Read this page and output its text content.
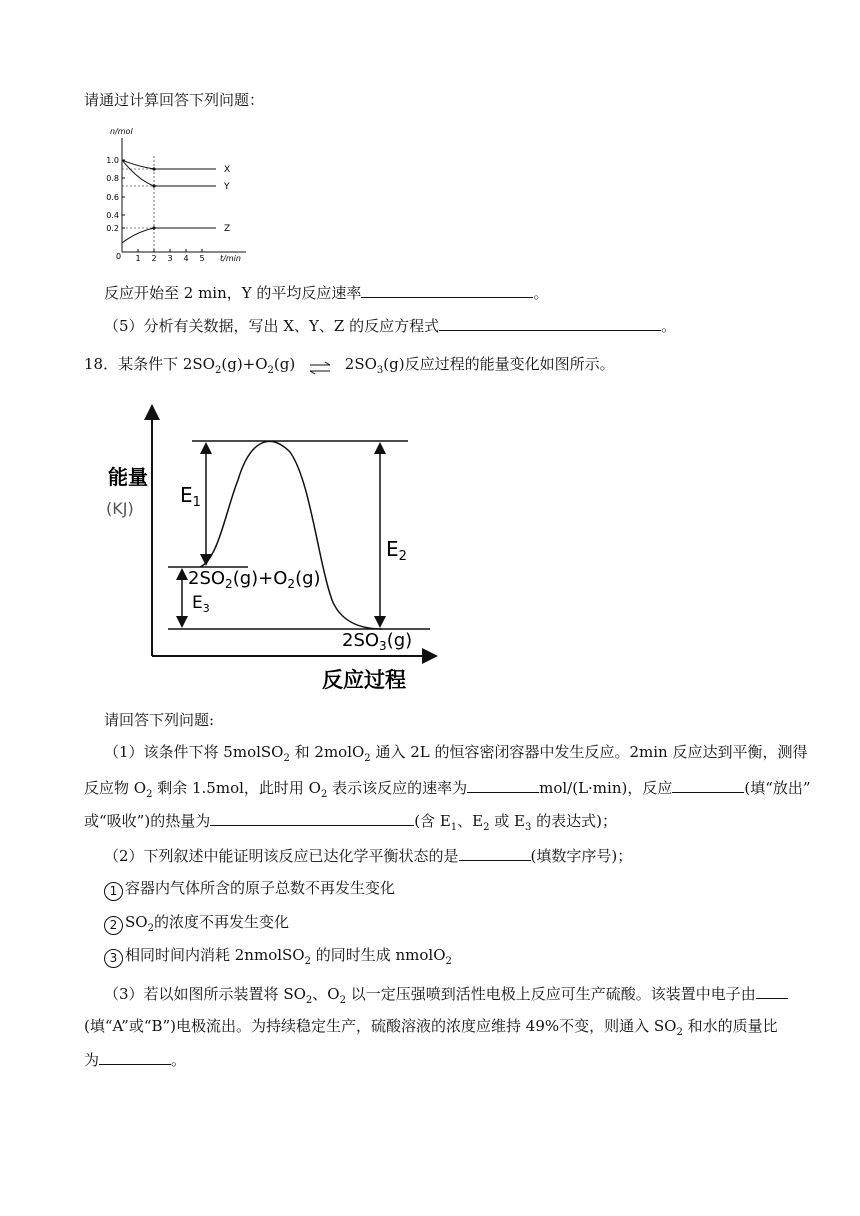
请通过计算回答下列问题：
n/mol
1.0
0.8
0.6
0.4
0.2
1 2 3 4 5
0	t/min
X
Y
Z
反应开始至 2 min，Y 的平均反应速率	。
（5）分析有关数据，写出 X、Y、Z 的反应方程式	。
18．某条件下 $2SO_2(g)+O_2(g)$ ⇌ $2SO_3(g)$反应过程的能量变化如图所示。
能量
(KJ)
反应过程
$E_1$
$E_2$
$E_3$
$2SO_2(g)+O_2(g)$
$2SO_3(g)$
请回答下列问题:
（1）该条件下将 5molSO$_2$ 和 2molO$_2$ 通入 2L 的恒容密闭容器中发生反应。2min 反应达到平衡，测得
反应物 $O_2$ 剩余 1.5mol，此时用 $O_2$ 表示该反应的速率为	mol/(L·min)，反应	(填“放出”
或“吸收”)的热量为	(含 $E_1$、$E_2$ 或 $E_3$ 的表达式)；
（2）下列叙述中能证明该反应已达化学平衡状态的是	(填数字序号)；
1 容器内气体所含的原子总数不再发生变化
2 $SO_2$的浓度不再发生变化
3 相同时间内消耗 2nmolSO$_2$ 的同时生成 nmolO$_2$
（3）若以如图所示装置将 $SO_2$、$O_2$ 以一定压强喷到活性电极上反应可生产硫酸。该装置中电子由
(填“A”或“B”)电极流出。为持续稳定生产，硫酸溶液的浓度应维持 49%不变，则通入 $SO_2$ 和水的质量比
为	。
